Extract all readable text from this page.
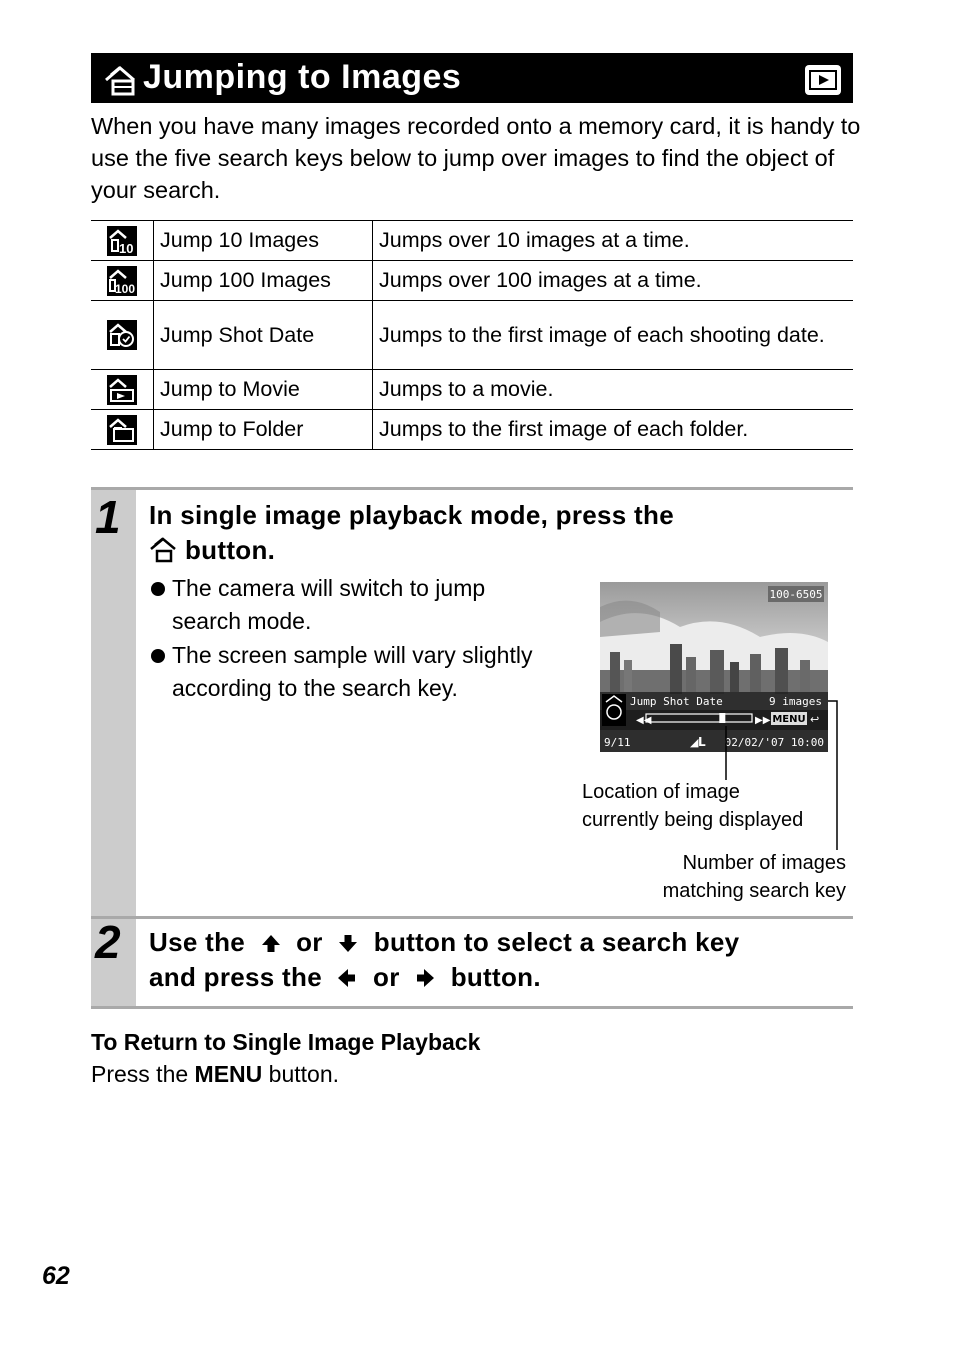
Jumping to Images
When you have many images recorded onto a memory card, it is handy to use the five search keys below to jump over images to find the object of your search.
10	Jump 10 Images	Jumps over 10 images at a time.

100	Jump 100 Images	Jumps over 100 images at a time.

	Jump Shot Date	Jumps to the first image of each shooting date.

	Jump to Movie	Jumps to a movie.

	Jump to Folder	Jumps to the first image of each folder.
1 In single image playback mode, press the
button.
The camera will switch to jump search mode.
The screen sample will vary slightly according to the search key.
100-6505
Jump Shot Date	9 images
◀◀	▶▶ MENU ↩
9/11	◢ L 02/02/'07 10:00
Location of image
currently being displayed
Number of images
matching search key
2 Use the or button to select a search key
and press the or button.
To Return to Single Image Playback
Press the MENU button.
62
